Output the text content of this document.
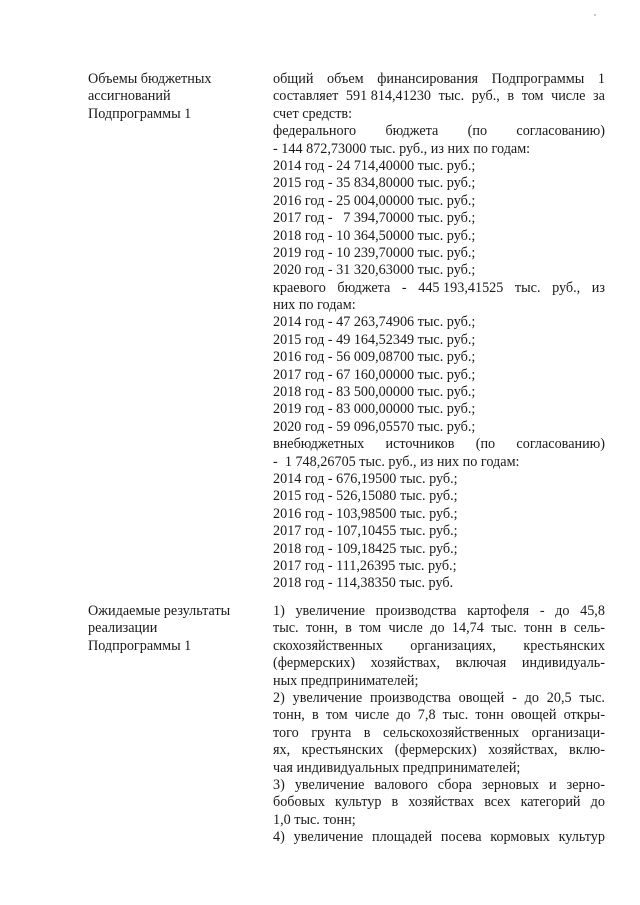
Объемы бюджетных
ассигнований
Подпрограммы 1
общий объем финансирования Подпрограммы 1
составляет 591 814,41230 тыс. руб., в том числе за
счет средств:
федерального бюджета (по согласованию)
- 144 872,73000 тыс. руб., из них по годам:
2014 год - 24 714,40000 тыс. руб.;
2015 год - 35 834,80000 тыс. руб.;
2016 год - 25 004,00000 тыс. руб.;
2017 год -   7 394,70000 тыс. руб.;
2018 год - 10 364,50000 тыс. руб.;
2019 год - 10 239,70000 тыс. руб.;
2020 год - 31 320,63000 тыс. руб.;
краевого бюджета - 445 193,41525 тыс. руб., из
них по годам:
2014 год - 47 263,74906 тыс. руб.;
2015 год - 49 164,52349 тыс. руб.;
2016 год - 56 009,08700 тыс. руб.;
2017 год - 67 160,00000 тыс. руб.;
2018 год - 83 500,00000 тыс. руб.;
2019 год - 83 000,00000 тыс. руб.;
2020 год - 59 096,05570 тыс. руб.;
внебюджетных источников (по согласованию)
-  1 748,26705 тыс. руб., из них по годам:
2014 год - 676,19500 тыс. руб.;
2015 год - 526,15080 тыс. руб.;
2016 год - 103,98500 тыс. руб.;
2017 год - 107,10455 тыс. руб.;
2018 год - 109,18425 тыс. руб.;
2017 год - 111,26395 тыс. руб.;
2018 год - 114,38350 тыс. руб.
Ожидаемые результаты
реализации
Подпрограммы 1
1) увеличение производства картофеля - до 45,8
тыс. тонн, в том числе до 14,74 тыс. тонн в сель-
скохозяйственных организациях, крестьянских
(фермерских) хозяйствах, включая индивидуаль-
ных предпринимателей;
2) увеличение производства овощей - до 20,5 тыс.
тонн, в том числе до 7,8 тыс. тонн овощей откры-
того грунта в сельскохозяйственных организаци-
ях, крестьянских (фермерских) хозяйствах, вклю-
чая индивидуальных предпринимателей;
3) увеличение валового сбора зерновых и зерно-
бобовых культур в хозяйствах всех категорий до
1,0 тыс. тонн;
4) увеличение площадей посева кормовых культур
